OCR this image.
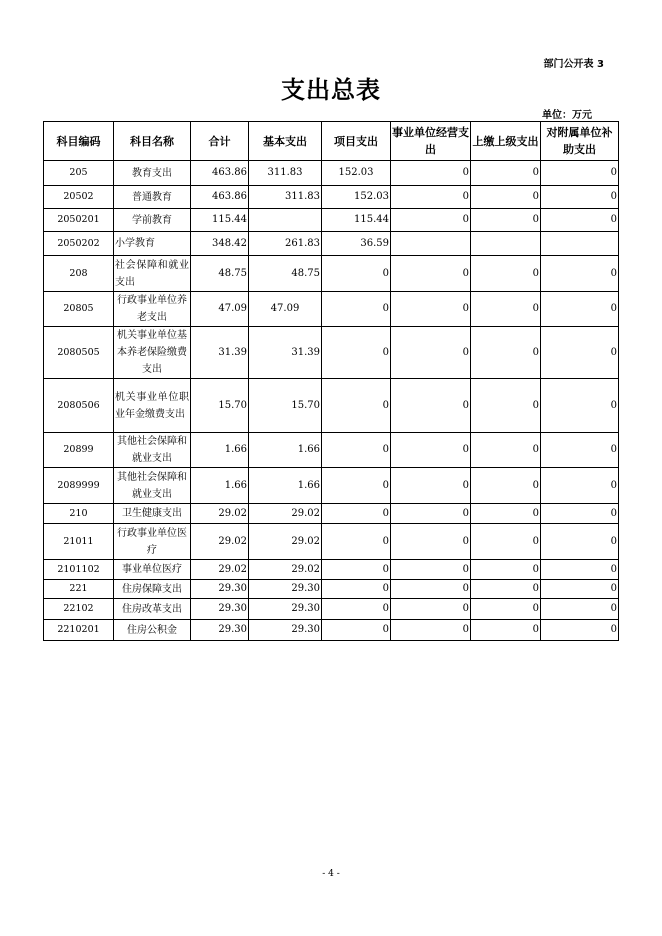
部门公开表 3
支出总表
单位：万元
科目编码	科目名称	合计	基本支出	项目支出	事业单位经营支出	上缴上级支出	对附属单位补助支出
205	教育支出	463.86	311.83	152.03	0	0	0
20502	普通教育	463.86	311.83	152.03	0	0	0
2050201	学前教育	115.44		115.44	0	0	0
2050202	小学教育	348.42	261.83	36.59			
208	社会保障和就业支出	48.75	48.75	0	0	0	0
20805	行政事业单位养老支出	47.09	47.09	0	0	0	0
2080505	机关事业单位基本养老保险缴费支出	31.39	31.39	0	0	0	0
2080506	机关事业单位职业年金缴费支出	15.70	15.70	0	0	0	0
20899	其他社会保障和就业支出	1.66	1.66	0	0	0	0
2089999	其他社会保障和就业支出	1.66	1.66	0	0	0	0
210	卫生健康支出	29.02	29.02	0	0	0	0
21011	行政事业单位医疗	29.02	29.02	0	0	0	0
2101102	事业单位医疗	29.02	29.02	0	0	0	0
221	住房保障支出	29.30	29.30	0	0	0	0
22102	住房改革支出	29.30	29.30	0	0	0	0
2210201	住房公积金	29.30	29.30	0	0	0	0
- 4 -
